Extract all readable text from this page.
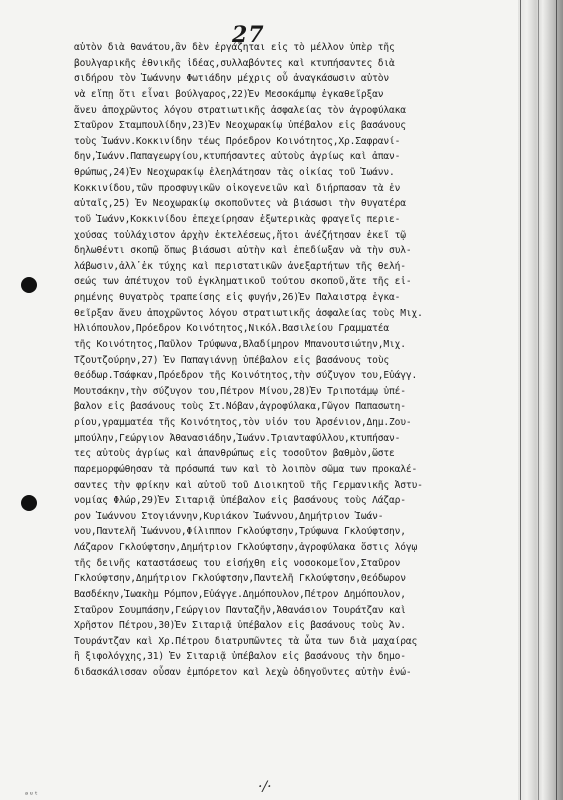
27
αὐτὸν διὰ θανάτου,ἂν δὲν ἐργάζηται εἰς τὸ μέλλον ὑπὲρ τῆς
βουλγαρικῆς ἐθνικῆς ἰδέας,συλλαβόντες καὶ κτυπήσαντες διὰ
σιδήρου τὸν Ἰωάννην Φωτιάδην μέχρις οὗ ἀναγκάσωσιν αὐτὸν
νὰ εἴπῃ ὅτι εἶναι βούλγαρος,22)Ἐν Μεσοκάμπῳ ἐγκαθεῖρξαν
ἄνευ ἀποχρῶντος λόγου στρατιωτικῆς ἀσφαλείας τὸν ἀγροφύλακα
Σταῦρον Σταμπουλίδην,23)Ἐν Νεοχωρακίῳ ὑπέβαλον εἰς βασάνους
τοὺς Ἰωάνν.Κοκκινίδην τέως Πρόεδρον Κοινότητος,Χρ.Σαφρανί-
δην,Ἰωάνν.Παπαγεωργίου,κτυπήσαντες αὐτοὺς ἀγρίως καὶ ἀπαν-
θρώπως,24)Ἐν Νεοχωρακίῳ ἐλεηλάτησαν τὰς οἰκίας τοῦ Ἰωάνν.
Κοκκινίδου,τῶν προσφυγικῶν οἰκογενειῶν καὶ διήρπασαν τὰ ἐν
αὐταῖς,25) Ἐν Νεοχωρακίῳ σκοποῦντες νὰ βιάσωσι τὴν θυγατέρα
τοῦ Ἰωάνν,Κοκκινίδου ἐπεχείρησαν ἐξωτερικὰς φραγεῖς περιε-
χούσας τοὐλάχιστον ἀρχὴν ἐκτελέσεως,ἤτοι ἀνέζήτησαν ἐκεῖ τῷ
δηλωθέντι σκοπῷ ὅπως βιάσωσι αὐτὴν καὶ ἐπεδίωξαν νὰ τὴν συλ-
λάβωσιν,ἀλλ᾽ἐκ τύχης καὶ περιστατικῶν ἀνεξαρτήτων τῆς θελή-
σεώς των ἀπέτυχον τοῦ ἐγκληματικοῦ τούτου σκοποῦ,ἅτε τῆς εἰ-
ρημένης θυγατρὸς τραπείσης εἰς φυγήν,26)Ἐν Παλαιστρᾳ ἐγκα-
θεῖρξαν ἄνευ ἀποχρῶντος λόγου στρατιωτικῆς ἀσφαλείας τοὺς Μιχ.
Ἡλιόπουλον,Πρόεδρον Κοινότητος,Νικόλ.Βασιλείου Γραμματέα
τῆς Κοινότητος,Παῦλον Τρύφωνα,Βλαδίμηρον Μπανουτσιώτην,Μιχ.
Τζουτζούρην,27) Ἐν Παπαγιάννῃ ὑπέβαλον εἰς βασάνους τοὺς
Θεόδωρ.Τσάφκαν,Πρόεδρον τῆς Κοινότητος,τὴν σύζυγον του,Εὐάγγ.
Μουτσάκην,τὴν σύζυγον του,Πέτρον Μίνου,28)Ἐν Τριποτάμῳ ὑπέ-
βαλον εἰς βασάνους τοὺς Στ.Νόβαν,ἀγροφύλακα,Γῶγον Παπασωτη-
ρίου,γραμματέα τῆς Κοινότητος,τὸν υἱόν του Ἀρσένιον,Δημ.Ζου-
μπούλην,Γεώργιον Ἀθανασιάδην,Ἰωάνν.Τριανταφύλλου,κτυπήσαν-
τες αὐτοὺς ἀγρίως καὶ ἀπανθρώπως εἰς τοσοῦτον βαθμὸν,ὥστε
παρεμορφώθησαν τὰ πρόσωπά των καὶ τὸ λοιπὸν σῶμα των προκαλέ-
σαντες τὴν φρίκην καὶ αὐτοῦ τοῦ Διοικητοῦ τῆς Γερμανικῆς Ἀστυ-
νομίας Φλώρ,29)Ἐν Σιταριᾷ ὑπέβαλον εἰς βασάνους τοὺς Λάζαρ-
ρον Ἰωάννου Στογιάννην,Κυριάκον Ἰωάννου,Δημήτριον Ἰωάν-
νου,Παντελῆ Ἰωάννου,Φίλιππον Γκλούφτσην,Τρύφωνα Γκλούφτσην,
Λάζαρον Γκλούφτσην,Δημήτριον Γκλούφτσην,ἀγροφύλακα ὅστις λόγῳ
τῆς δεινῆς καταστάσεως του εἰσήχθη εἰς νοσοκομεῖον,Σταῦρον
Γκλούφτσην,Δημήτριον Γκλούφτσην,Παντελῆ Γκλούφτσην,Θεόδωρον
Βασδέκην,Ἰωακὴμ Ρόμπον,Εὐάγγε.Δημόπουλον,Πέτρον Δημόπουλον,
Σταῦρον Σουμπάσην,Γεώργιον Πανταζῆν,Ἀθανάσιον Τουράτζαν καὶ
Χρῆστον Πέτρου,30)Ἐν Σιταριᾷ ὑπέβαλον εἰς βασάνους τοὺς Ἀν.
Τουράντζαν καὶ Χρ.Πέτρου διατρυπῶντες τὰ ὦτα των διὰ μαχαίρας
ἢ ξιφολόγχης,31) Ἐν Σιταριᾷ ὑπέβαλον εἰς βασάνους τὴν δημο-
διδασκάλισσαν οὖσαν ἐμπόρετον καὶ λεχὼ ὁδηγοῦντες αὐτὴν ἐνώ-
·/·
ᵃᵘᵗ
